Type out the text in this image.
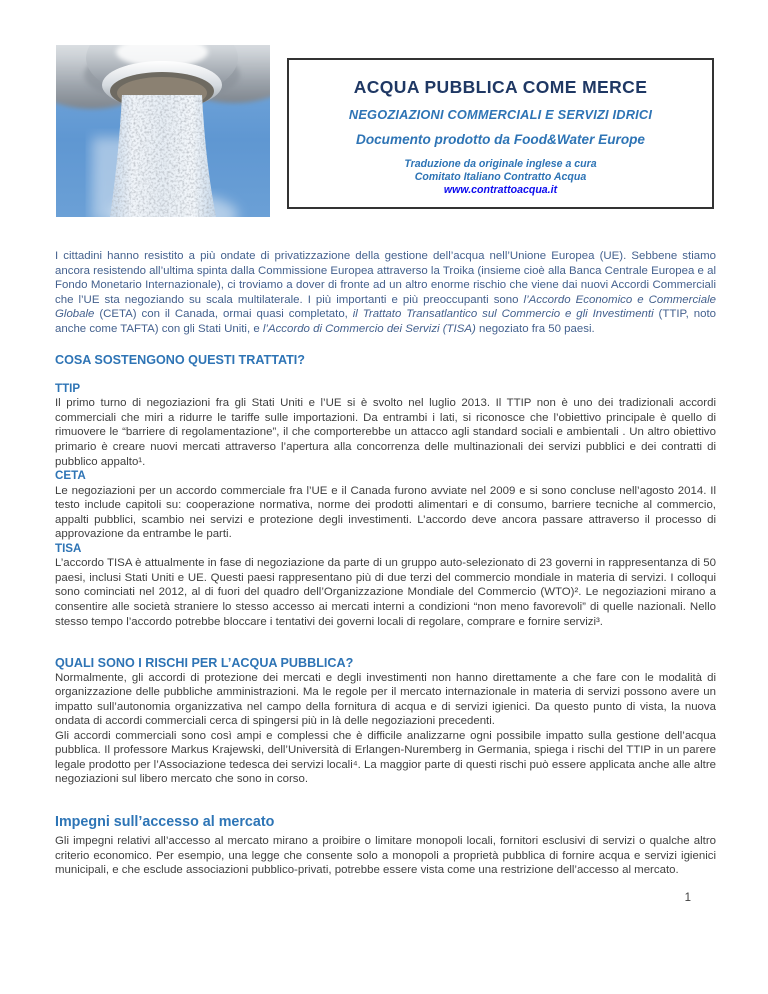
ACQUA PUBBLICA COME MERCE
NEGOZIAZIONI COMMERCIALI E SERVIZI IDRICI
Documento prodotto da Food&Water Europe
Traduzione da originale inglese a cura
Comitato Italiano Contratto Acqua
www.contrattoacqua.it

I cittadini hanno resistito a più ondate di privatizzazione della gestione dell’acqua nell’Unione Europea (UE). Sebbene stiamo ancora resistendo all’ultima spinta dalla Commissione Europea attraverso la Troika (insieme cioè alla Banca Centrale Europea e al Fondo Monetario Internazionale), ci troviamo a dover di fronte ad un altro enorme rischio che viene dai nuovi Accordi Commerciali che l’UE sta negoziando su scala multilaterale. I più importanti e più preoccupanti sono l’Accordo Economico e Commerciale Globale (CETA) con il Canada, ormai quasi completato, il Trattato Transatlantico sul Commercio e gli Investimenti (TTIP, noto anche come TAFTA) con gli Stati Uniti, e l’Accordo di Commercio dei Servizi (TISA) negoziato fra 50 paesi.

COSA SOSTENGONO QUESTI TRATTATI?
TTIP

Il primo turno di negoziazioni fra gli Stati Uniti e l’UE si è svolto nel luglio 2013. Il TTIP non è uno dei tradizionali accordi commerciali che miri a ridurre le tariffe sulle importazioni. Da entrambi i lati, si riconosce che l’obiettivo principale è quello di rimuovere le “barriere di regolamentazione”, il che comporterebbe un attacco agli standard sociali e ambientali . Un altro obiettivo primario è creare nuovi mercati attraverso l’apertura alla concorrenza delle multinazionali dei servizi pubblici e dei contratti di pubblico appalto¹.

CETA

Le negoziazioni per un accordo commerciale fra l’UE e il Canada furono avviate nel 2009 e si sono concluse nell’agosto 2014. Il testo include capitoli su: cooperazione normativa, norme dei prodotti alimentari e di consumo, barriere tecniche al commercio, appalti pubblici, scambio nei servizi e protezione degli investimenti. L’accordo deve ancora passare attraverso il processo di approvazione da entrambe le parti.

TISA

L’accordo TISA è attualmente in fase di negoziazione da parte di un gruppo auto-selezionato di 23 governi in rappresentanza di 50 paesi, inclusi Stati Uniti e UE. Questi paesi rappresentano più di due terzi del commercio mondiale in materia di servizi. I colloqui sono cominciati nel 2012, al di fuori del quadro dell’Organizzazione Mondiale del Commercio (WTO)². Le negoziazioni mirano a consentire alle società straniere lo stesso accesso ai mercati interni a condizioni “non meno favorevoli” di quelle nazionali. Nello stesso tempo l’accordo potrebbe bloccare i tentativi dei governi locali di regolare, comprare e fornire servizi³.

QUALI SONO I RISCHI PER L’ACQUA PUBBLICA?

Normalmente, gli accordi di protezione dei mercati e degli investimenti non hanno direttamente a che fare con le modalità di organizzazione delle pubbliche amministrazioni. Ma le regole per il mercato internazionale in materia di servizi possono avere un impatto sull’autonomia organizzativa nel campo della fornitura di acqua e di servizi igienici. Da questo punto di vista, la nuova ondata di accordi commerciali cerca di spingersi più in là delle negoziazioni precedenti.

Gli accordi commerciali sono così ampi e complessi che è difficile analizzarne ogni possibile impatto sulla gestione dell’acqua pubblica. Il professore Markus Krajewski, dell’Università di Erlangen-Nuremberg in Germania, spiega i rischi del TTIP in un parere legale prodotto per l’Associazione tedesca dei servizi locali⁴. La maggior parte di questi rischi può essere applicata anche alle altre negoziazioni sul libero mercato che sono in corso.

Impegni sull’accesso al mercato

Gli impegni relativi all’accesso al mercato mirano a proibire o limitare monopoli locali, fornitori esclusivi di servizi o qualche altro criterio economico. Per esempio, una legge che consente solo a monopoli a proprietà pubblica di fornire acqua e servizi igienici municipali, e che esclude associazioni pubblico-privati, potrebbe essere vista come una restrizione dell’accesso al mercato.

1
